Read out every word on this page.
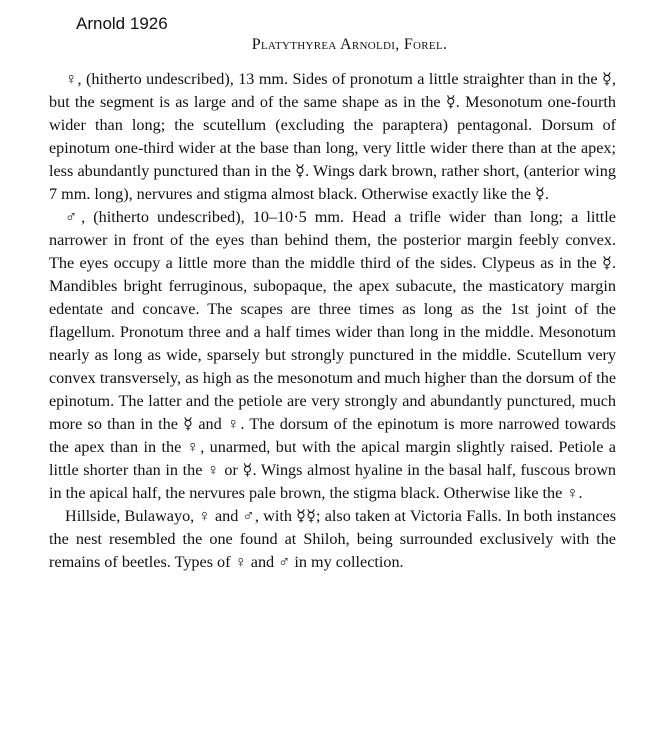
Arnold 1926
Platythyrea Arnoldi, Forel.

♀, (hitherto undescribed), 13 mm. Sides of pronotum a little straighter than in the ☿, but the segment is as large and of the same shape as in the ☿. Mesonotum one-fourth wider than long; the scutellum (excluding the paraptera) pentagonal. Dorsum of epinotum one-third wider at the base than long, very little wider there than at the apex; less abundantly punctured than in the ☿. Wings dark brown, rather short, (anterior wing 7 mm. long), nervures and stigma almost black. Otherwise exactly like the ☿.

♂, (hitherto undescribed), 10–10·5 mm. Head a trifle wider than long; a little narrower in front of the eyes than behind them, the posterior margin feebly convex. The eyes occupy a little more than the middle third of the sides. Clypeus as in the ☿. Mandibles bright ferruginous, subopaque, the apex subacute, the masticatory margin edentate and concave. The scapes are three times as long as the 1st joint of the flagellum. Pronotum three and a half times wider than long in the middle. Mesonotum nearly as long as wide, sparsely but strongly punctured in the middle. Scutellum very convex transversely, as high as the mesonotum and much higher than the dorsum of the epinotum. The latter and the petiole are very strongly and abundantly punctured, much more so than in the ☿ and ♀. The dorsum of the epinotum is more narrowed towards the apex than in the ♀, unarmed, but with the apical margin slightly raised. Petiole a little shorter than in the ♀ or ☿. Wings almost hyaline in the basal half, fuscous brown in the apical half, the nervures pale brown, the stigma black. Otherwise like the ♀.

Hillside, Bulawayo, ♀ and ♂, with ☿☿; also taken at Victoria Falls. In both instances the nest resembled the one found at Shiloh, being surrounded exclusively with the remains of beetles. Types of ♀ and ♂ in my collection.
